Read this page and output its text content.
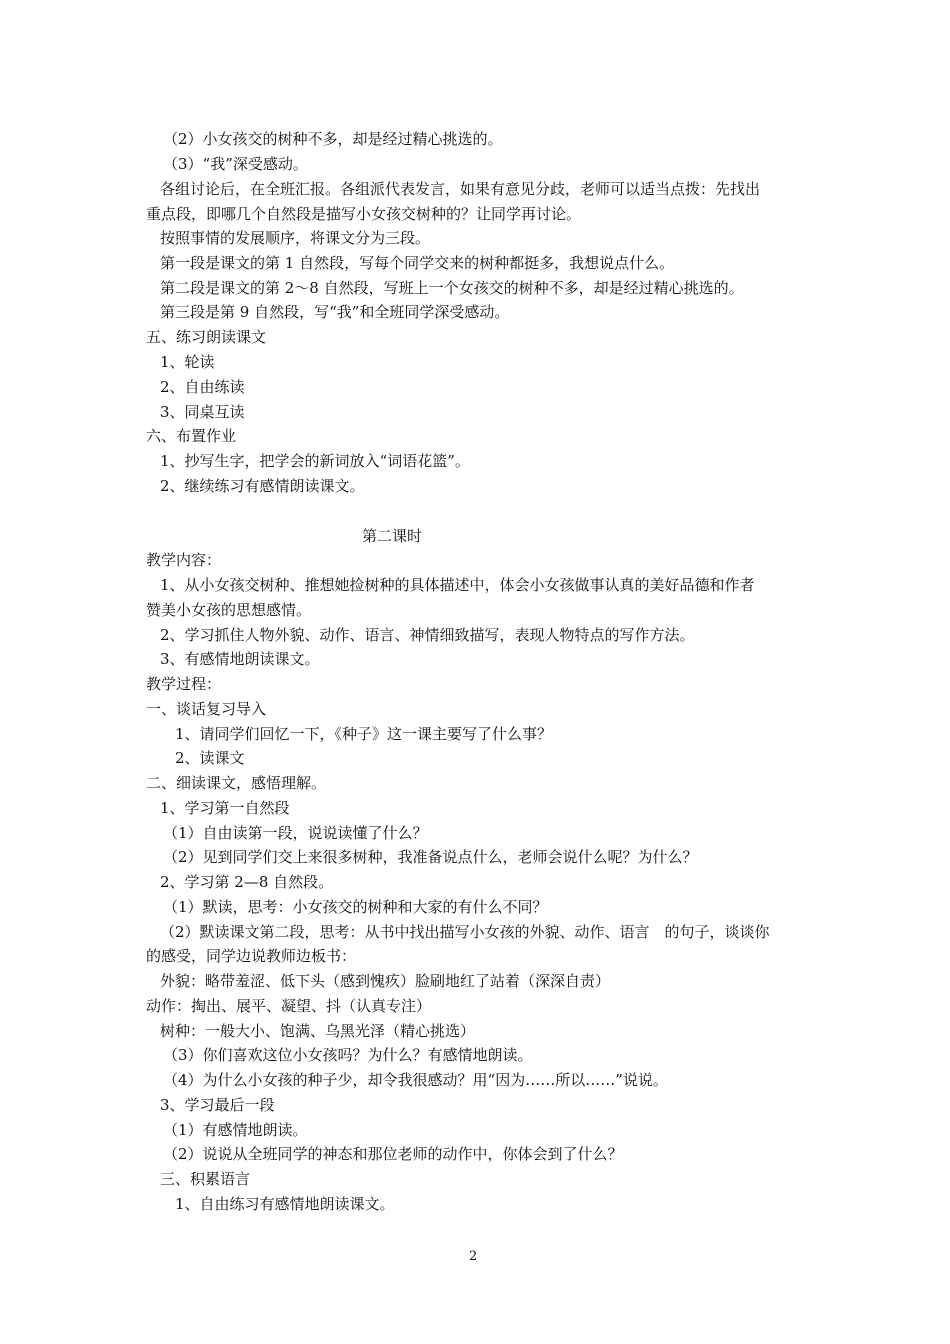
（2）小女孩交的树种不多，却是经过精心挑选的。
（3）“我”深受感动。
各组讨论后，在全班汇报。各组派代表发言，如果有意见分歧，老师可以适当点拨：先找出
重点段，即哪几个自然段是描写小女孩交树种的？让同学再讨论。
按照事情的发展顺序，将课文分为三段。
第一段是课文的第 1 自然段，写每个同学交来的树种都挺多，我想说点什么。
第二段是课文的第 2～8 自然段，写班上一个女孩交的树种不多，却是经过精心挑选的。
第三段是第 9 自然段，写“我”和全班同学深受感动。
五、练习朗读课文
1、轮读
2、自由练读
3、同桌互读
六、布置作业
1、抄写生字，把学会的新词放入“词语花篮”。
2、继续练习有感情朗读课文。
第二课时
教学内容：
1、从小女孩交树种、推想她捡树种的具体描述中，体会小女孩做事认真的美好品德和作者
赞美小女孩的思想感情。
2、学习抓住人物外貌、动作、语言、神情细致描写，表现人物特点的写作方法。
3、有感情地朗读课文。
教学过程：
一、谈话复习导入
1、请同学们回忆一下，《种子》这一课主要写了什么事？
2、读课文
二、细读课文，感悟理解。
1、学习第一自然段
（1）自由读第一段，说说读懂了什么？
（2）见到同学们交上来很多树种，我准备说点什么，老师会说什么呢？为什么？
2、学习第 2—8 自然段。
（1）默读，思考：小女孩交的树种和大家的有什么不同？
（2）默读课文第二段，思考：从书中找出描写小女孩的外貌、动作、语言　的句子，谈谈你
的感受，同学边说教师边板书：
外貌：略带羞涩、低下头（感到愧疚）脸刷地红了站着（深深自责）
动作：掏出、展平、凝望、抖（认真专注）
树种：一般大小、饱满、乌黑光泽（精心挑选）
（3）你们喜欢这位小女孩吗？为什么？有感情地朗读。
（4）为什么小女孩的种子少，却令我很感动？用“因为……所以……”说说。
3、学习最后一段
（1）有感情地朗读。
（2）说说从全班同学的神态和那位老师的动作中，你体会到了什么？
三、积累语言
1、自由练习有感情地朗读课文。
2
